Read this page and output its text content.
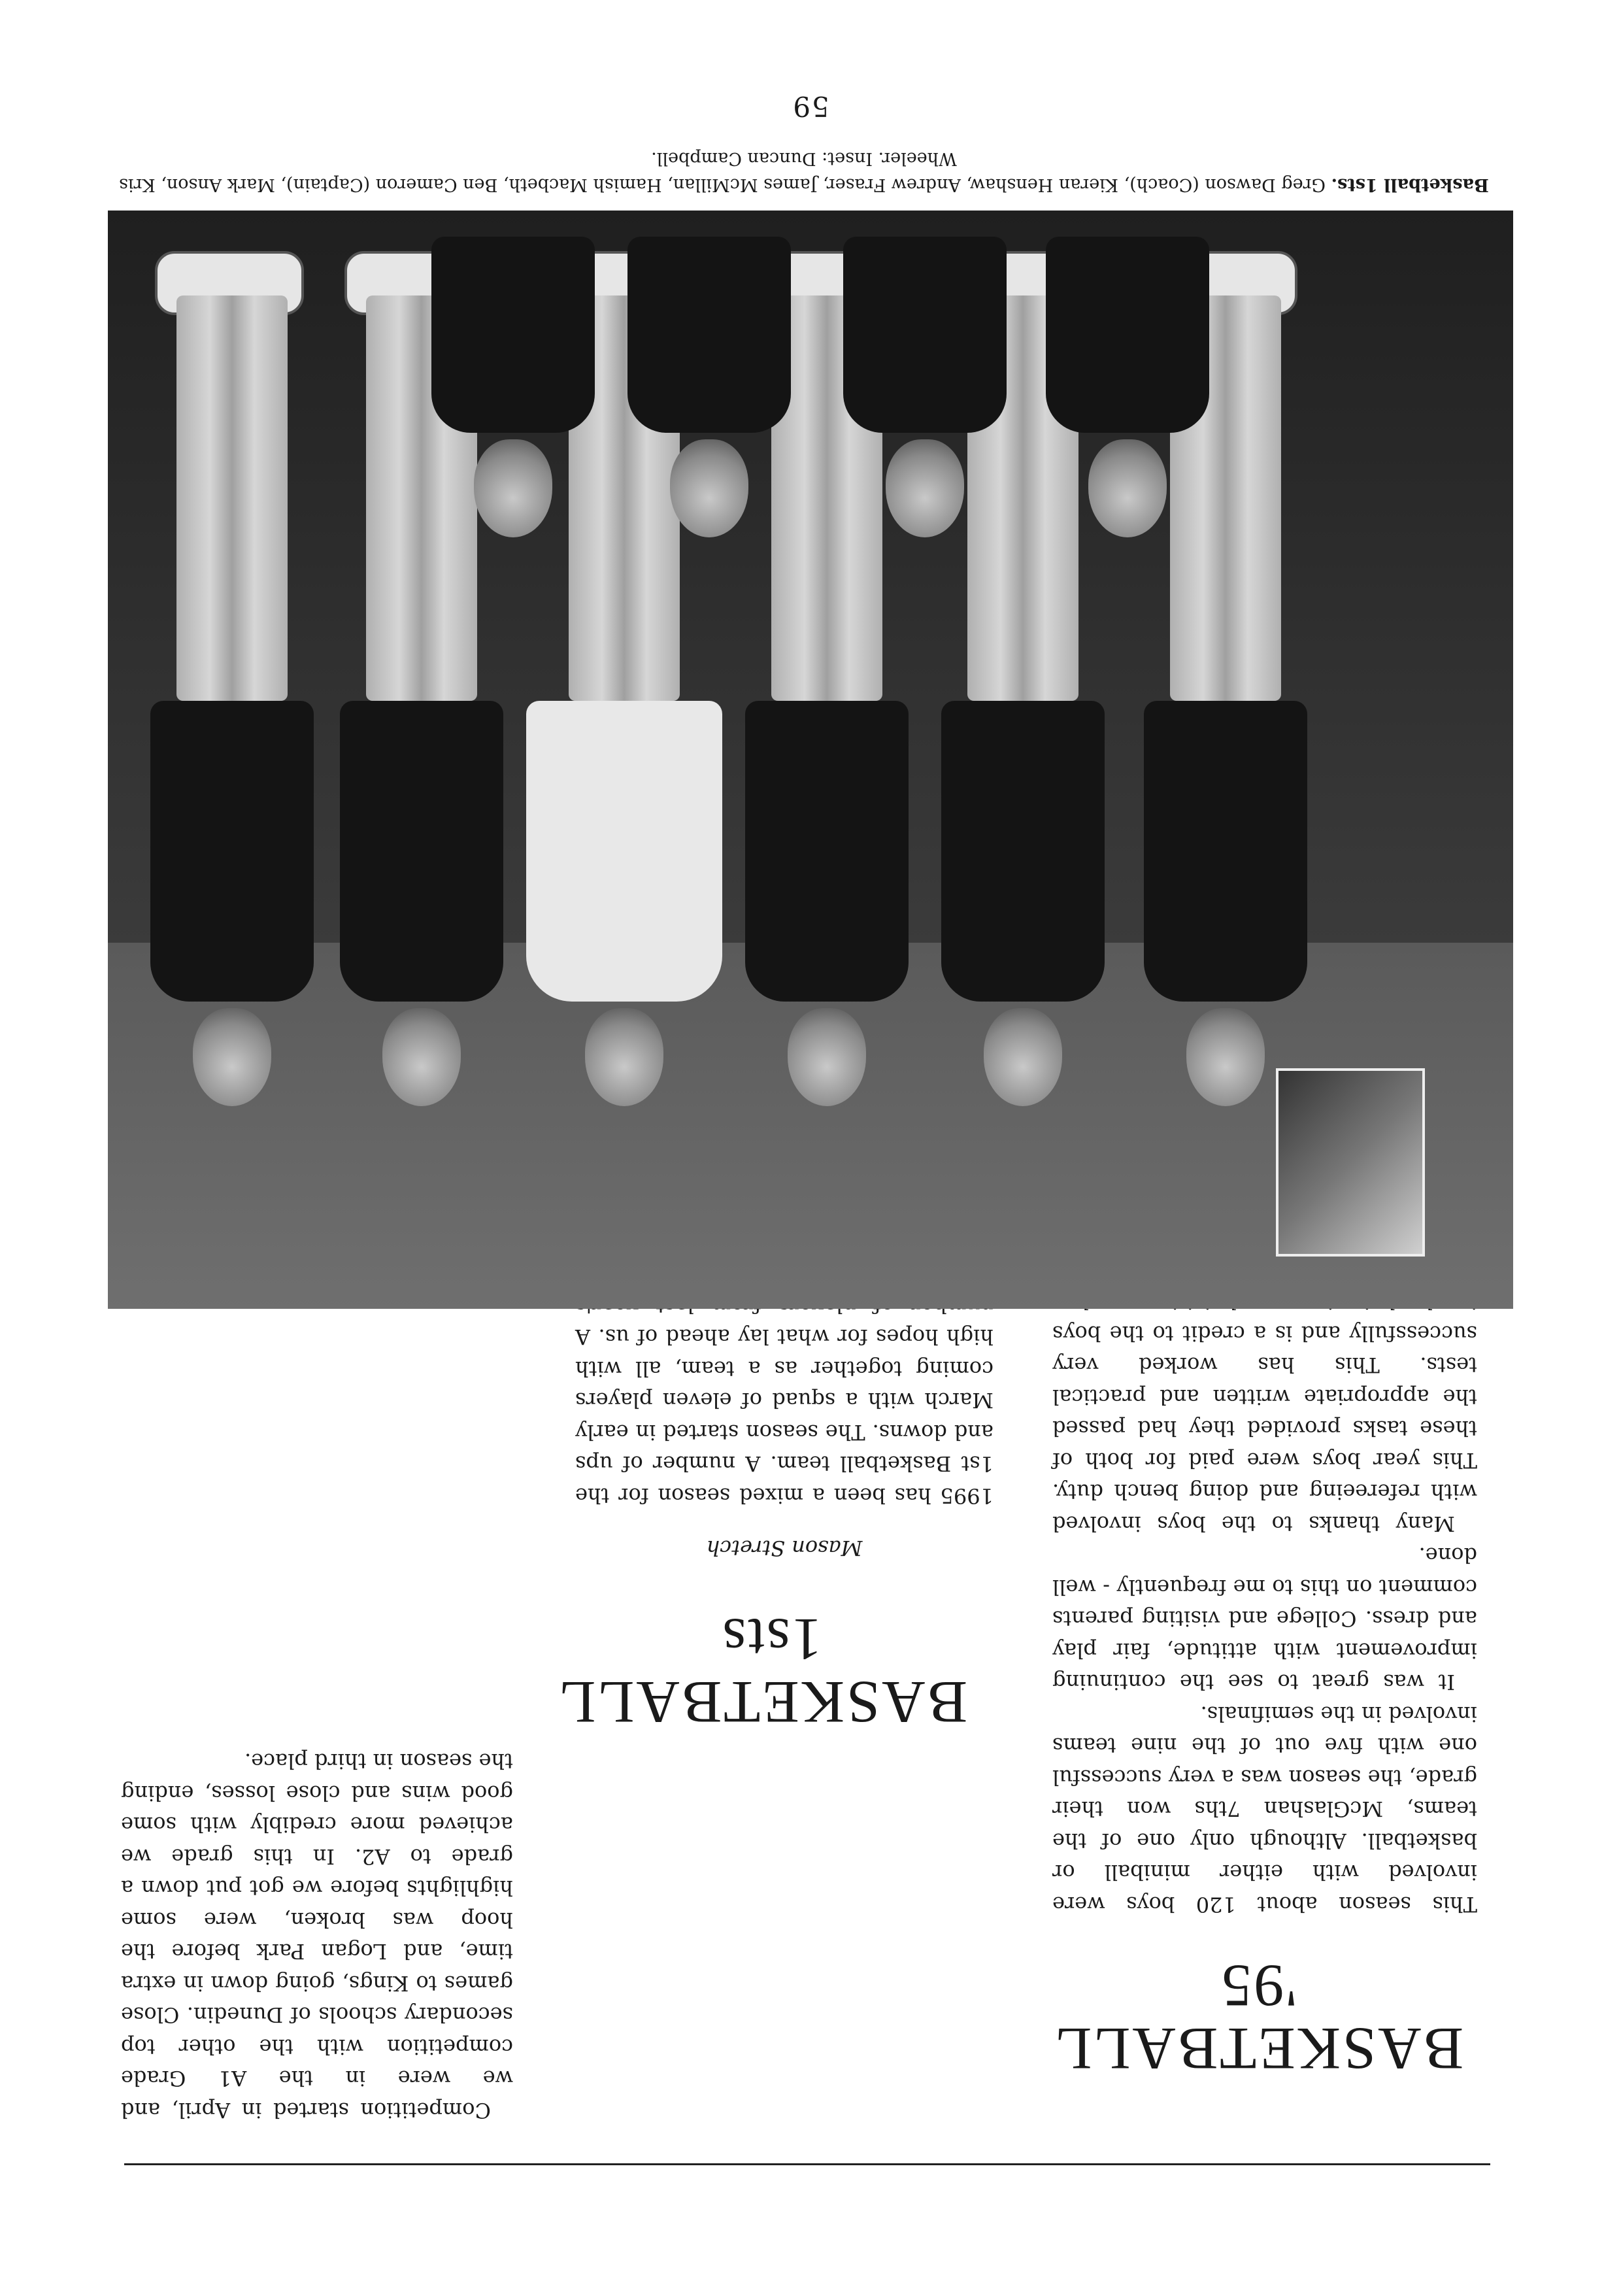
BASKETBALL
'95

This season about 120 boys were involved with either miniball or basketball. Although only one of the teams, McGlashan 7ths won their grade, the season was a very successful one with five out of the nine teams involved in the semifinals.

It was great to see the continuing improvement with attitude, fair play and dress. College and visiting parents comment on this to me frequently - well done.

Many thanks to the boys involved with refereeing and doing bench duty. This year boys were paid for both of these tasks provided they had passed the appropriate written and practical tests. This has worked very successfully and is a credit to the boys

BASKETBALL
1sts
Mason Stretch

1995 has been a mixed season for the 1st Basketball team. A number of ups and downs. The season started in early March with a squad of eleven players coming together as a team, all with high hopes for what lay ahead of us. A

Competition started in April, and we were in the A1 Grade competition with the other top secondary schools of Dunedin. Close games to Kings, going down in extra time, and Logan Park before the hoop was broken, were some highlights before we got put down a grade to A2. In this grade we achieved more credibly with some good wins and close losses, ending the season in third place.

Basketball 1sts. Greg Dawson (Coach), Kieran Henshaw, Andrew Fraser, James McMillan, Hamish Macbeth, Ben Cameron (Captain), Mark Anson, Kris Wheeler. Inset: Duncan Campbell.
59
